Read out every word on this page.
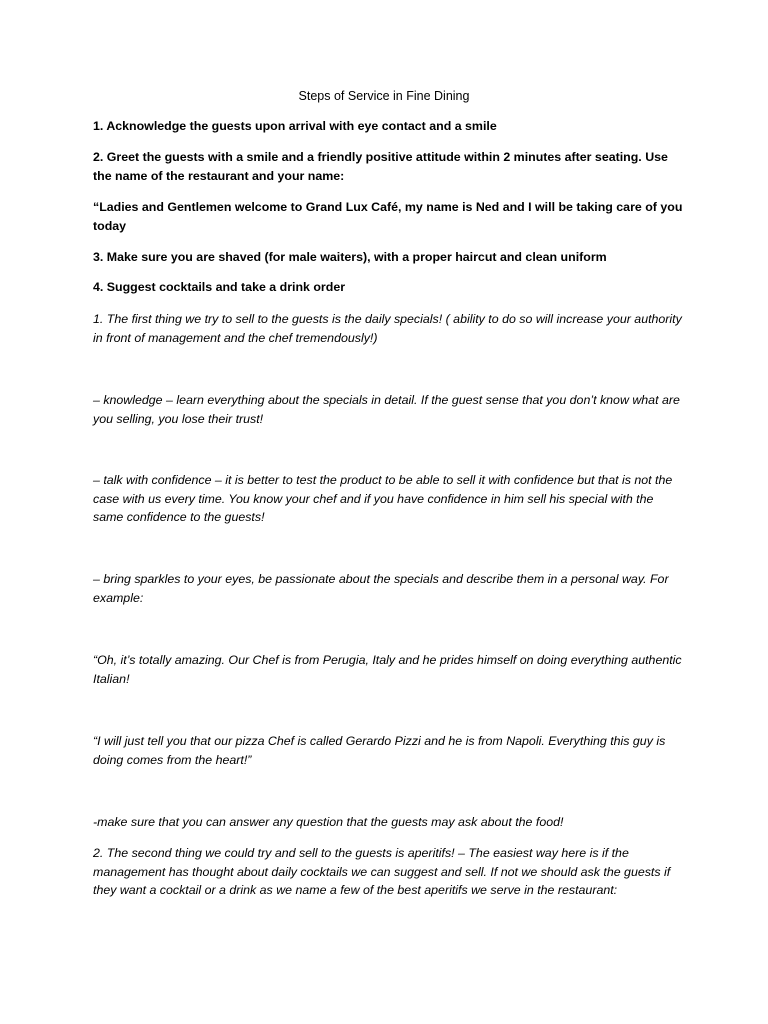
Steps of Service in Fine Dining

1. Acknowledge the guests upon arrival with eye contact and a smile

2. Greet the guests with a smile and a friendly positive attitude within 2 minutes after seating. Use the name of the restaurant and your name:

“Ladies and Gentlemen welcome to Grand Lux Café, my name is Ned and I will be taking care of you today

3. Make sure you are shaved (for male waiters), with a proper haircut and clean uniform

4. Suggest cocktails and take a drink order

1. The first thing we try to sell to the guests is the daily specials! ( ability to do so will increase your authority in front of management and the chef tremendously!)

– knowledge – learn everything about the specials in detail. If the guest sense that you don’t know what are you selling, you lose their trust!

– talk with confidence – it is better to test the product to be able to sell it with confidence but that is not the case with us every time. You know your chef and if you have confidence in him sell his special with the same confidence to the guests!

– bring sparkles to your eyes, be passionate about the specials and describe them in a personal way. For example:

“Oh, it’s totally amazing. Our Chef is from Perugia, Italy and he prides himself on doing everything authentic Italian!

“I will just tell you that our pizza Chef is called Gerardo Pizzi and he is from Napoli. Everything this guy is doing comes from the heart!”

-make sure that you can answer any question that the guests may ask about the food!

2. The second thing we could try and sell to the guests is aperitifs! – The easiest way here is if the management has thought about daily cocktails we can suggest and sell. If not we should ask the guests if they want a cocktail or a drink as we name a few of the best aperitifs we serve in the restaurant:
